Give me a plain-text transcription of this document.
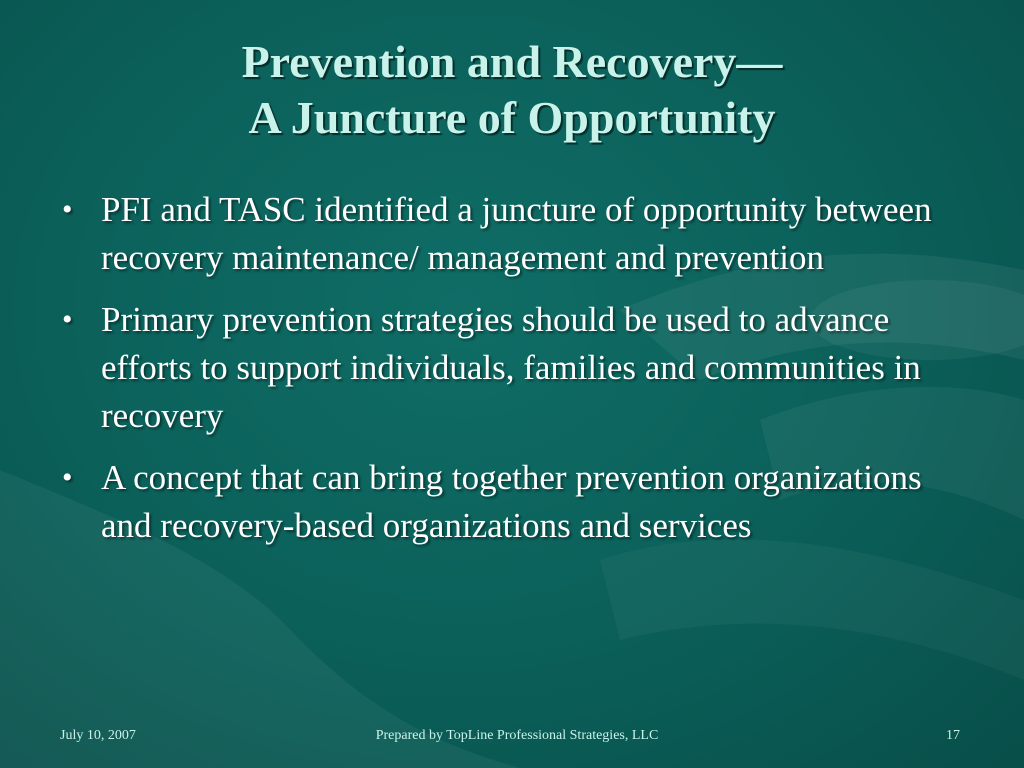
Prevention and Recovery—
A Juncture of Opportunity
• PFI and TASC identified a juncture of opportunity between recovery maintenance/ management and prevention
• Primary prevention strategies should be used to advance efforts to support individuals, families and communities in recovery
• A concept that can bring together prevention organizations and recovery-based organizations and services
July 10, 2007	Prepared by TopLine Professional Strategies, LLC	17
